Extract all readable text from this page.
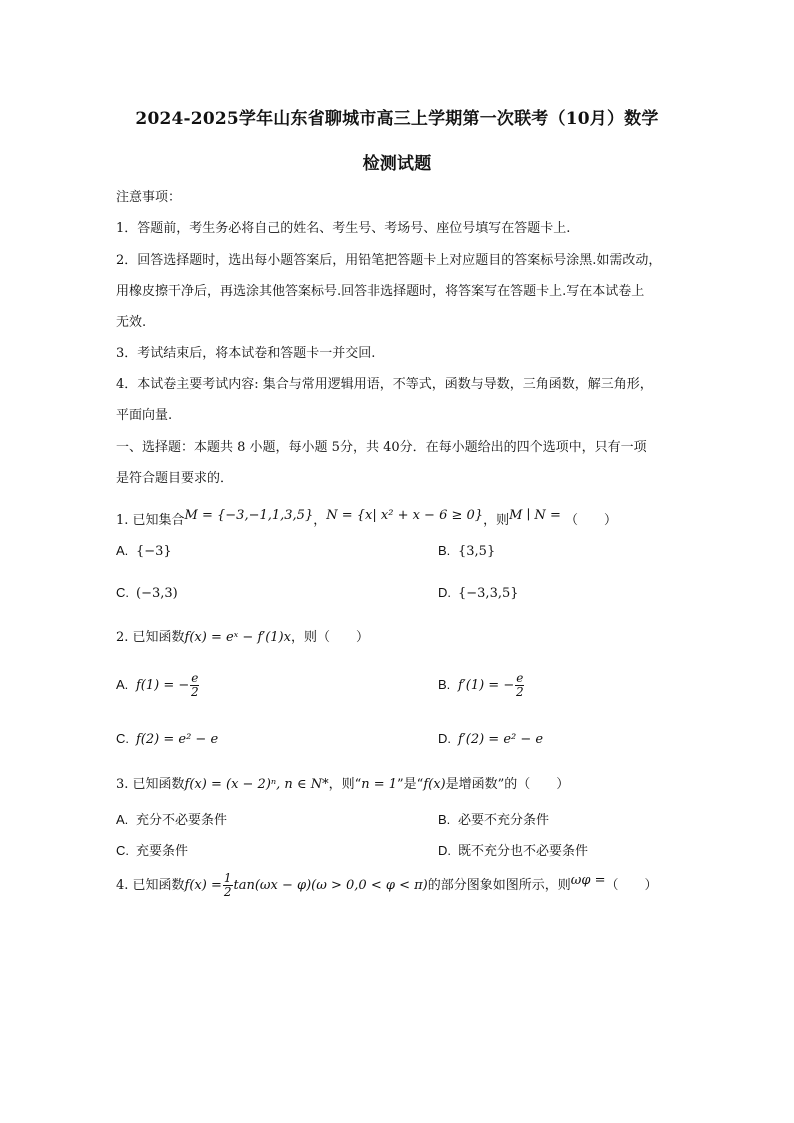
2024-2025学年山东省聊城市高三上学期第一次联考（10月）数学
检测试题
注意事项：
1．答题前，考生务必将自己的姓名、考生号、考场号、座位号填写在答题卡上.
2．回答选择题时，选出每小题答案后，用铅笔把答题卡上对应题目的答案标号涂黑.如需改动，
用橡皮擦干净后，再选涂其他答案标号.回答非选择题时，将答案写在答题卡上.写在本试卷上
无效.
3．考试结束后，将本试卷和答题卡一并交回.
4．本试卷主要考试内容: 集合与常用逻辑用语，不等式，函数与导数，三角函数，解三角形，
平面向量.
一、选择题：本题共 8 小题，每小题 5分，共 40分．在每小题给出的四个选项中，只有一项
是符合题目要求的．
1. 已知集合M = {−3,−1,1,3,5}，N = {x| x² + x − 6 ≥ 0}，则M ∣ N = （　　）
A. {−3}	B. {3,5}
C. (−3,3)	D. {−3,3,5}
2. 已知函数f(x) = eˣ − f′(1)x，则（　　）
A. f(1) = − $\frac{e}{2}$	B. f′(1) = − $\frac{e}{2}$
C. f(2) = e² − e	D. f′(2) = e² − e
3. 已知函数f(x) = (x − 2)ⁿ, n ∈ N*，则“n = 1”是“f(x)是增函数”的（　　）
A. 充分不必要条件	B. 必要不充分条件
C. 充要条件	D. 既不充分也不必要条件
4. 已知函数$f(x) = \frac{1}{2} \tan(\omega x - \varphi)(\omega > 0,0 < \varphi < \pi)$的部分图象如图所示，则ωφ =（　　）
